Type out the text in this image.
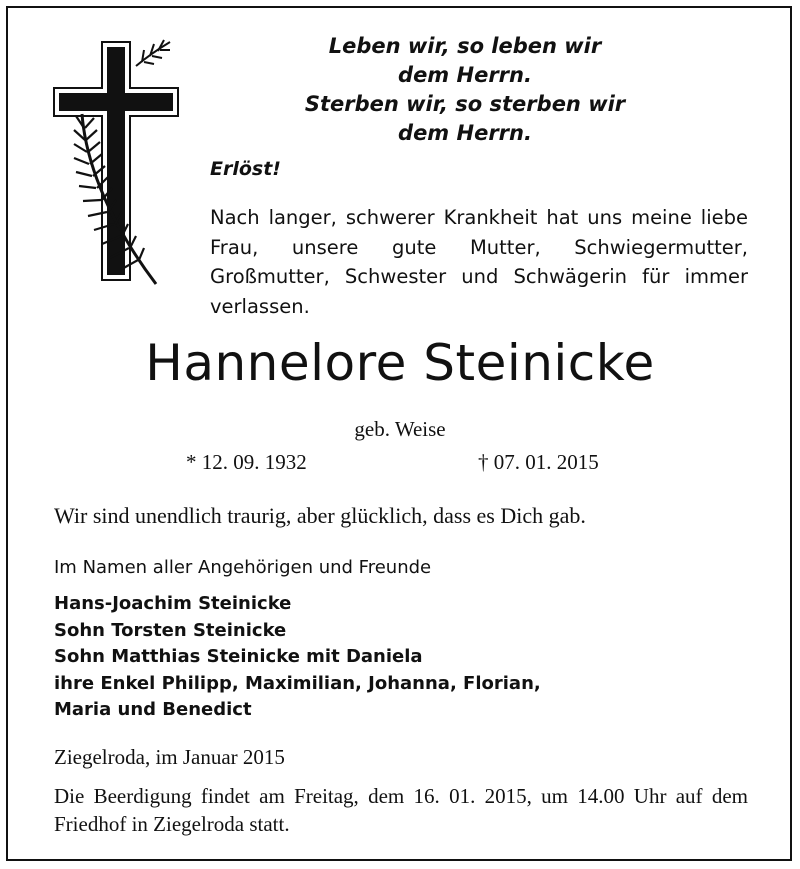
Leben wir, so leben wir
dem Herrn.
Sterben wir, so sterben wir
dem Herrn.
Erlöst!
Nach langer, schwerer Krankheit hat uns meine liebe Frau, unsere gute Mutter, Schwiegermutter, Großmutter, Schwester und Schwägerin für immer verlassen.
Hannelore Steinicke
geb. Weise
* 12. 09. 1932	† 07. 01. 2015
Wir sind unendlich traurig, aber glücklich, dass es Dich gab.
Im Namen aller Angehörigen und Freunde
Hans-Joachim Steinicke
Sohn Torsten Steinicke
Sohn Matthias Steinicke mit Daniela
ihre Enkel Philipp, Maximilian, Johanna, Florian,
Maria und Benedict
Ziegelroda, im Januar 2015
Die Beerdigung findet am Freitag, dem 16. 01. 2015, um 14.00 Uhr auf dem Friedhof in Ziegelroda statt.
